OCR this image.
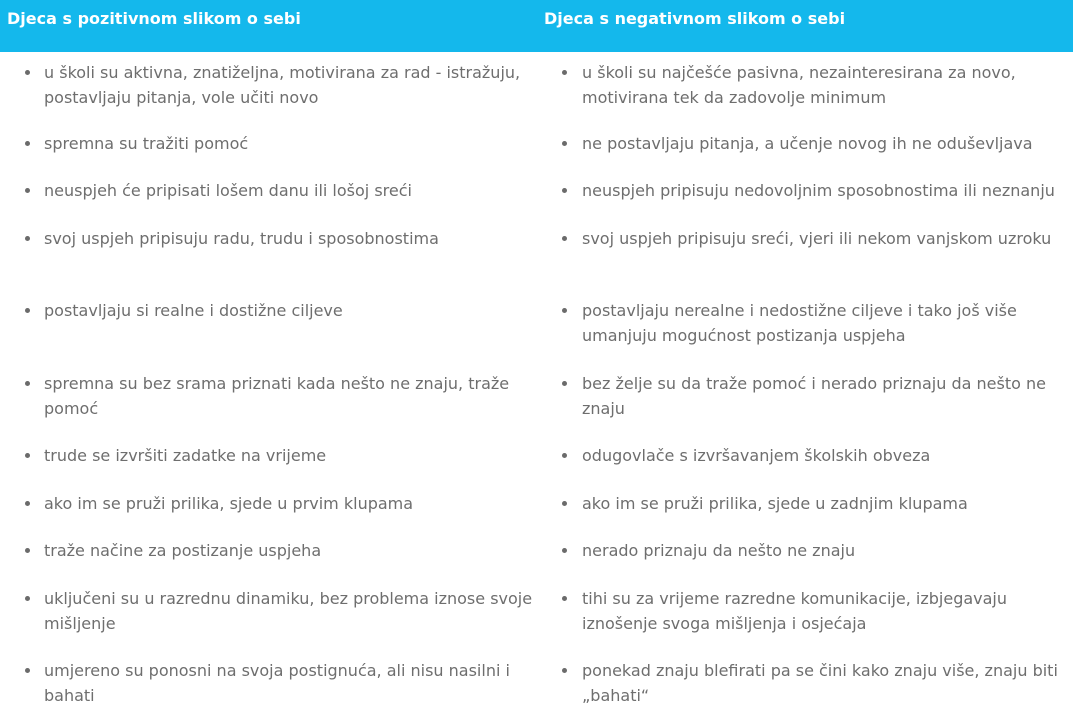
Djeca s pozitivnom slikom o sebi	Djeca s negativnom slikom o sebi
u školi su aktivna, znatiželjna, motivirana za rad - istražuju, postavljaju pitanja, vole učiti novo
spremna su tražiti pomoć
neuspjeh će pripisati lošem danu ili lošoj sreći
svoj uspjeh pripisuju radu, trudu i sposobnostima
postavljaju si realne i dostižne ciljeve
spremna su bez srama priznati kada nešto ne znaju, traže pomoć
trude se izvršiti zadatke na vrijeme
ako im se pruži prilika, sjede u prvim klupama
traže načine za postizanje uspjeha
uključeni su u razrednu dinamiku, bez problema iznose svoje mišljenje
umjereno su ponosni na svoja postignuća, ali nisu nasilni i bahati
u školi su najčešće pasivna, nezainteresirana za novo, motivirana tek da zadovolje minimum
ne postavljaju pitanja, a učenje novog ih ne oduševljava
neuspjeh pripisuju nedovoljnim sposobnostima ili neznanju
svoj uspjeh pripisuju sreći, vjeri ili nekom vanjskom uzroku
postavljaju nerealne i nedostižne ciljeve i tako još više umanjuju mogućnost postizanja uspjeha
bez želje su da traže pomoć i nerado priznaju da nešto ne znaju
odugovlače s izvršavanjem školskih obveza
ako im se pruži prilika, sjede u zadnjim klupama
nerado priznaju da nešto ne znaju
tihi su za vrijeme razredne komunikacije, izbjegavaju iznošenje svoga mišljenja i osjećaja
ponekad znaju blefirati pa se čini kako znaju više, znaju biti „bahati“
